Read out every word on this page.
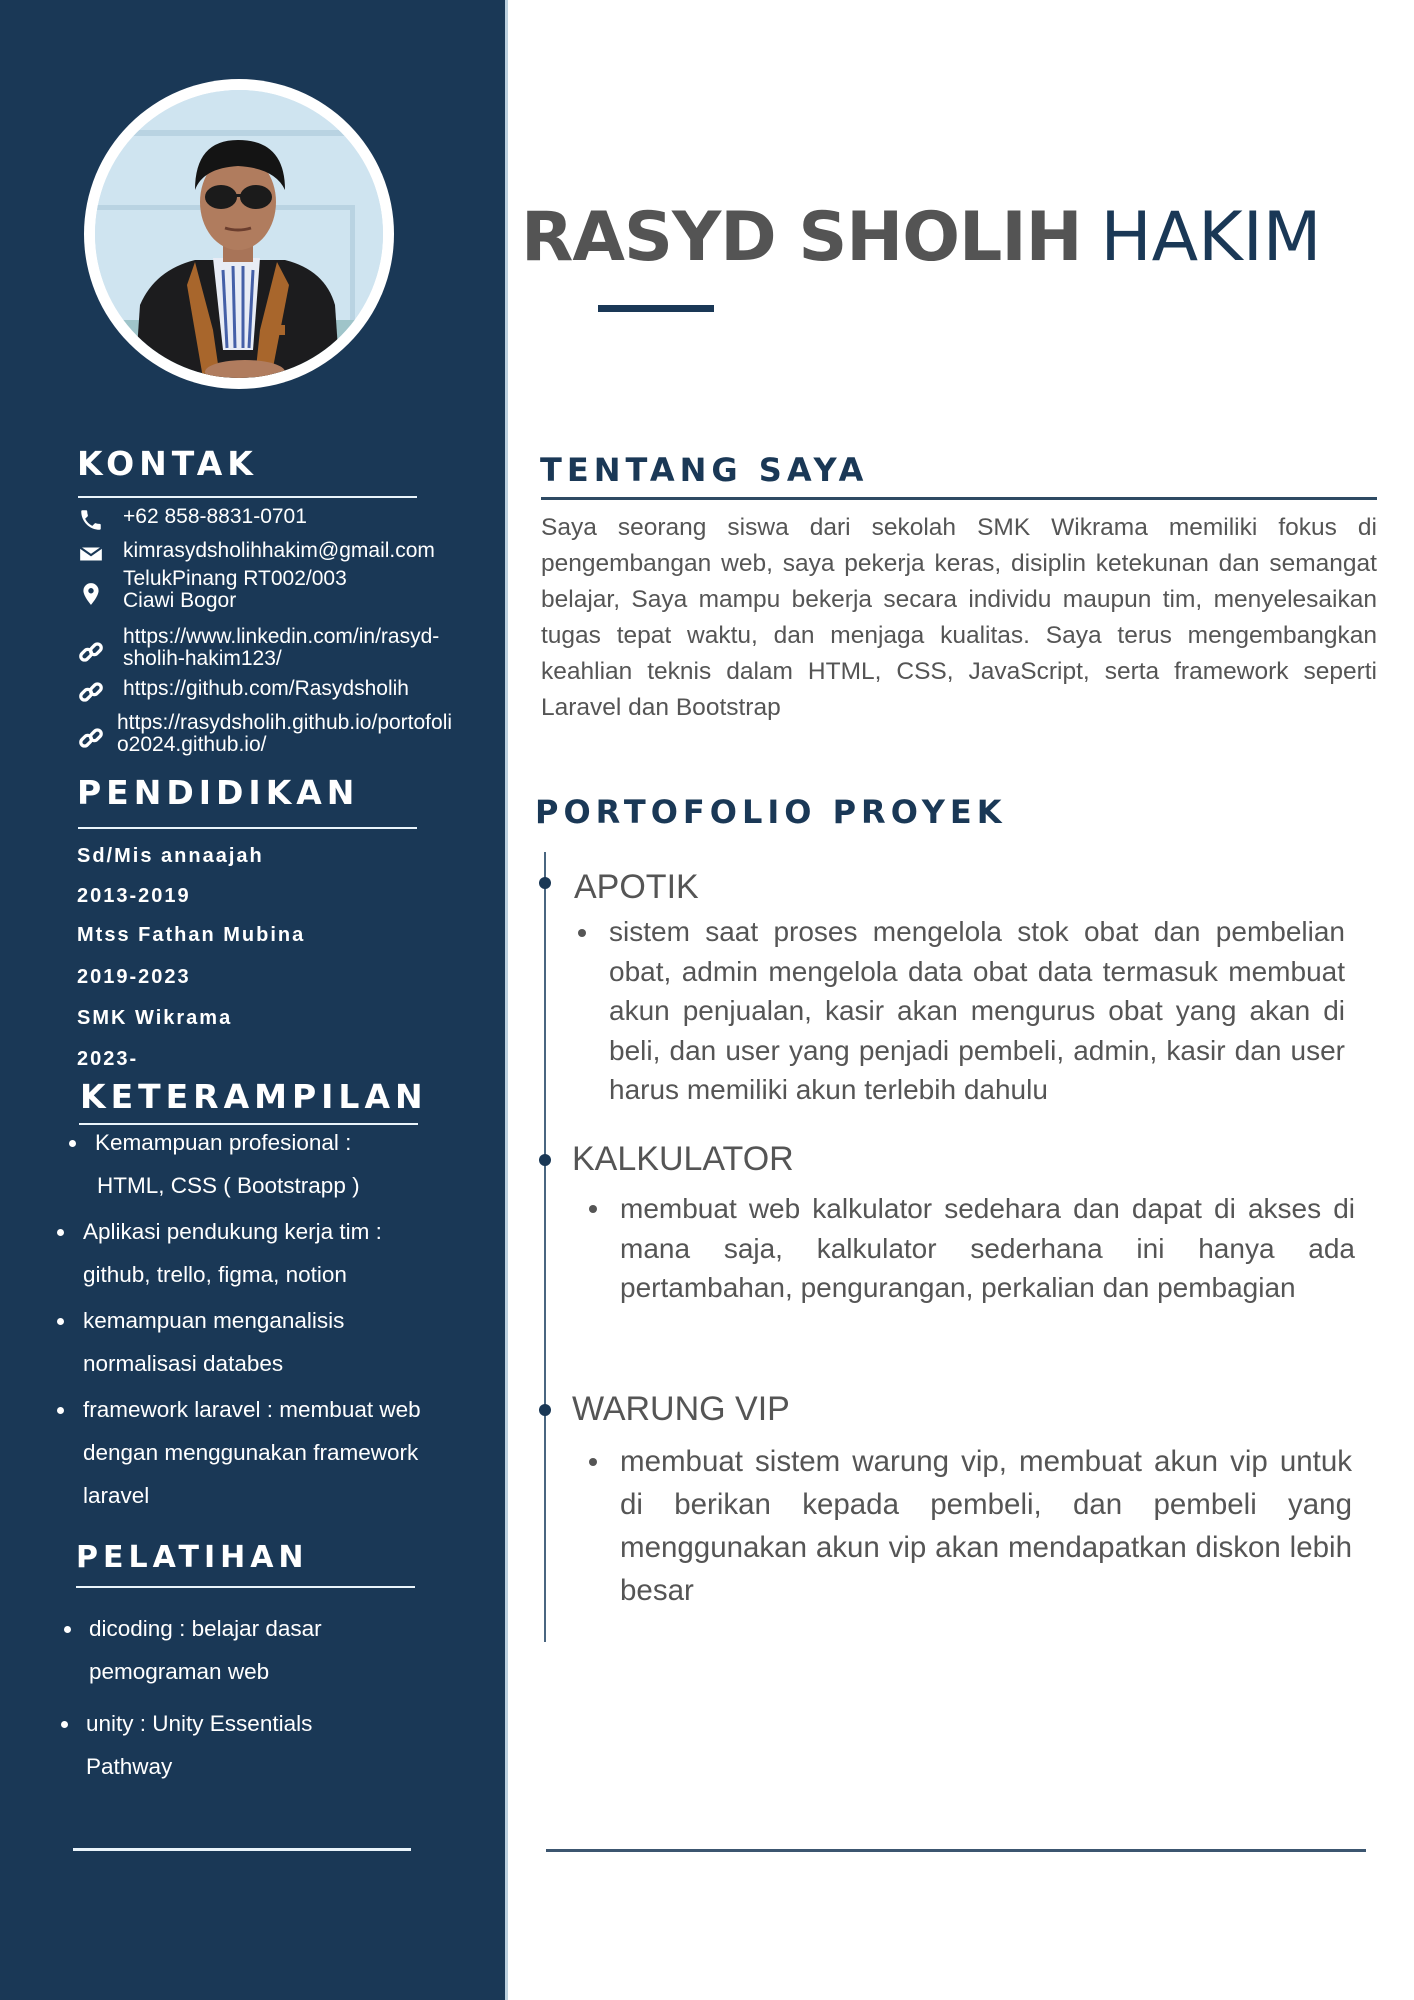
KONTAK
+62 858-8831-0701
kimrasydsholihhakim@gmail.com
TelukPinang RT002/003
Ciawi Bogor
https://www.linkedin.com/in/rasyd-
sholih-hakim123/
https://github.com/Rasydsholih
https://rasydsholih.github.io/portofoli
o2024.github.io/
PENDIDIKAN
Sd/Mis annaajah
2013-2019
Mtss Fathan Mubina
2019-2023
SMK Wikrama
2023-
KETERAMPILAN
Kemampuan profesional :
HTML, CSS ( Bootstrapp )
Aplikasi pendukung kerja tim :
github, trello, figma, notion
kemampuan menganalisis
normalisasi databes
framework laravel : membuat web
dengan menggunakan framework
laravel
PELATIHAN
dicoding : belajar dasar
pemograman web
unity : Unity Essentials
Pathway
RASYD SHOLIH HAKIM
TENTANG SAYA
Saya seorang siswa dari sekolah SMK Wikrama memiliki fokus di pengembangan web, saya pekerja keras, disiplin ketekunan dan semangat belajar, Saya mampu bekerja secara individu maupun tim, menyelesaikan tugas tepat waktu, dan menjaga kualitas. Saya terus mengembangkan keahlian teknis dalam HTML, CSS, JavaScript, serta framework seperti Laravel dan Bootstrap
PORTOFOLIO PROYEK
APOTIK
sistem saat proses mengelola stok obat dan pembelian obat, admin mengelola data obat data termasuk membuat akun penjualan, kasir akan mengurus obat yang akan di beli, dan user yang penjadi pembeli, admin, kasir dan user harus memiliki akun terlebih dahulu
KALKULATOR
membuat web kalkulator sedehara dan dapat di akses di mana saja, kalkulator sederhana ini hanya ada pertambahan, pengurangan, perkalian dan pembagian
WARUNG VIP
membuat sistem warung vip, membuat akun vip untuk di berikan kepada pembeli, dan pembeli yang menggunakan akun vip akan mendapatkan diskon lebih besar
